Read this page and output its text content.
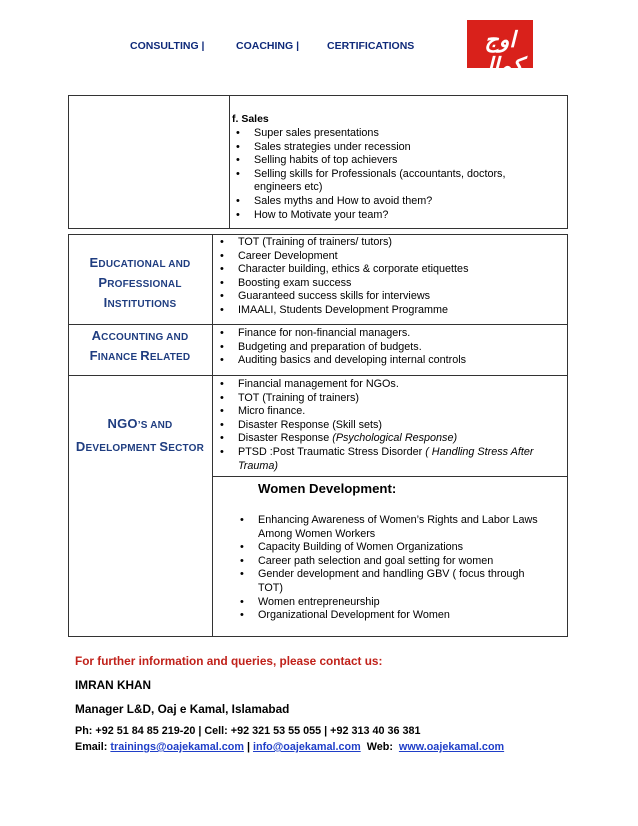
CONSULTING |	COACHING |	CERTIFICATIONS	اوج کمال
f. Sales
• Super sales presentations
• Sales strategies under recession
• Selling habits of top achievers
• Selling skills for Professionals (accountants, doctors, engineers etc)
• Sales myths and How to avoid them?
• How to Motivate your team?
EDUCATIONAL AND
PROFESSIONAL
INSTITUTIONS
• TOT (Training of trainers/ tutors)
• Career Development
• Character building, ethics & corporate etiquettes
• Boosting exam success
• Guaranteed success skills for interviews
• IMAALI, Students Development Programme
ACCOUNTING AND
FINANCE RELATED
• Finance for non-financial managers.
• Budgeting and preparation of budgets.
• Auditing basics and developing internal controls
NGO’S AND
DEVELOPMENT SECTOR
• Financial management for NGOs.
• TOT (Training of trainers)
• Micro finance.
• Disaster Response (Skill sets)
• Disaster Response (Psychological Response)
• PTSD :Post Traumatic Stress Disorder ( Handling Stress After Trauma)
Women Development:
• Enhancing Awareness of Women’s Rights and Labor Laws Among Women Workers
• Capacity Building of Women Organizations
• Career path selection and goal setting for women
• Gender development and handling GBV ( focus through TOT)
• Women entrepreneurship
• Organizational Development for Women
For further information and queries, please contact us:
IMRAN KHAN
Manager L&D, Oaj e Kamal, Islamabad
Ph: +92 51 84 85 219-20 | Cell: +92 321 53 55 055 | +92 313 40 36 381
Email: trainings@oajekamal.com | info@oajekamal.com  Web:  www.oajekamal.com
